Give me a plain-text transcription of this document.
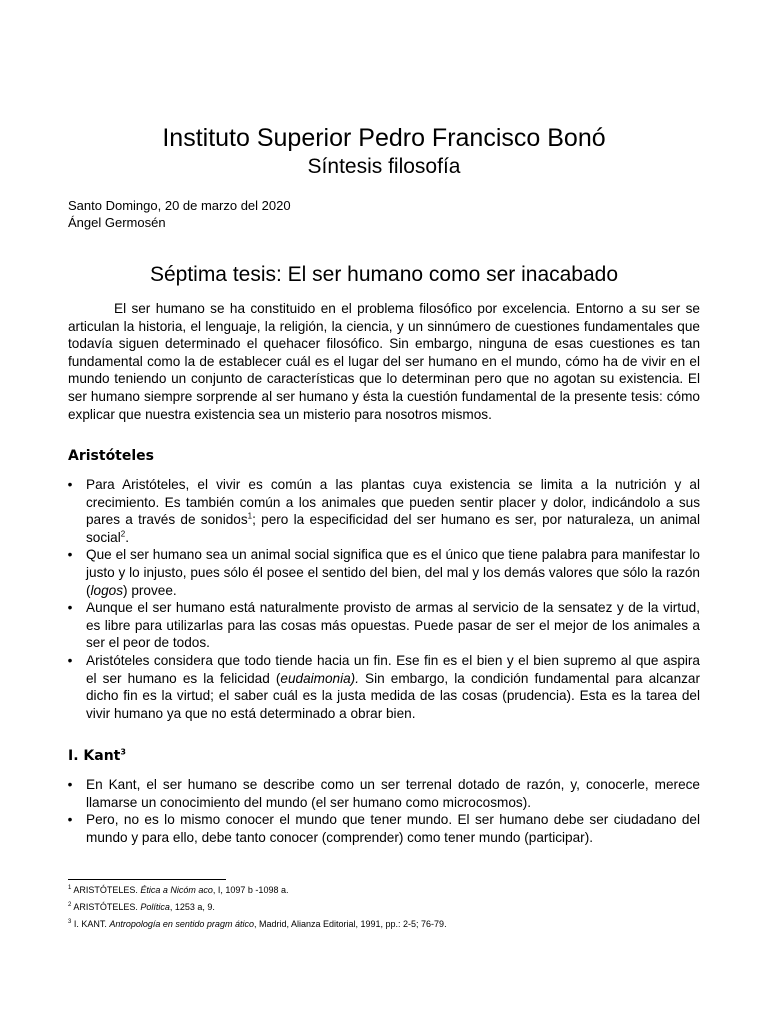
Instituto Superior Pedro Francisco Bonó
Síntesis filosofía
Santo Domingo, 20 de marzo del 2020
Ángel Germosén
Séptima tesis: El ser humano como ser inacabado

El ser humano se ha constituido en el problema filosófico por excelencia. Entorno a su ser se articulan la historia, el lenguaje, la religión, la ciencia, y un sinnúmero de cuestiones fundamentales que todavía siguen determinado el quehacer filosófico. Sin embargo, ninguna de esas cuestiones es tan fundamental como la de establecer cuál es el lugar del ser humano en el mundo, cómo ha de vivir en el mundo teniendo un conjunto de características que lo determinan pero que no agotan su existencia. El ser humano siempre sorprende al ser humano y ésta la cuestión fundamental de la presente tesis: cómo explicar que nuestra existencia sea un misterio para nosotros mismos.

Aristóteles
• Para Aristóteles, el vivir es común a las plantas cuya existencia se limita a la nutrición y al crecimiento. Es también común a los animales que pueden sentir placer y dolor, indicándolo a sus pares a través de sonidos$^1$; pero la especificidad del ser humano es ser, por naturaleza, un animal social$^2$.
• Que el ser humano sea un animal social significa que es el único que tiene palabra para manifestar lo justo y lo injusto, pues sólo él posee el sentido del bien, del mal y los demás valores que sólo la razón (logos) provee.
• Aunque el ser humano está naturalmente provisto de armas al servicio de la sensatez y de la virtud, es libre para utilizarlas para las cosas más opuestas. Puede pasar de ser el mejor de los animales a ser el peor de todos.
• Aristóteles considera que todo tiende hacia un fin. Ese fin es el bien y el bien supremo al que aspira el ser humano es la felicidad (eudaimonia). Sin embargo, la condición fundamental para alcanzar dicho fin es la virtud; el saber cuál es la justa medida de las cosas (prudencia). Esta es la tarea del vivir humano ya que no está determinado a obrar bien.
I. Kant$^3$
• En Kant, el ser humano se describe como un ser terrenal dotado de razón, y, conocerle, merece llamarse un conocimiento del mundo (el ser humano como microcosmos).
• Pero, no es lo mismo conocer el mundo que tener mundo. El ser humano debe ser ciudadano del mundo y para ello, debe tanto conocer (comprender) como tener mundo (participar).
$^1$ ARISTÓTELES. Ética a Nicóm aco, I, 1097 b -1098 a.
$^2$ ARISTÓTELES. Política, 1253 a, 9.
$^3$ I. KANT. Antropología en sentido pragm ático, Madrid, Alianza Editorial, 1991, pp.: 2-5; 76-79.
